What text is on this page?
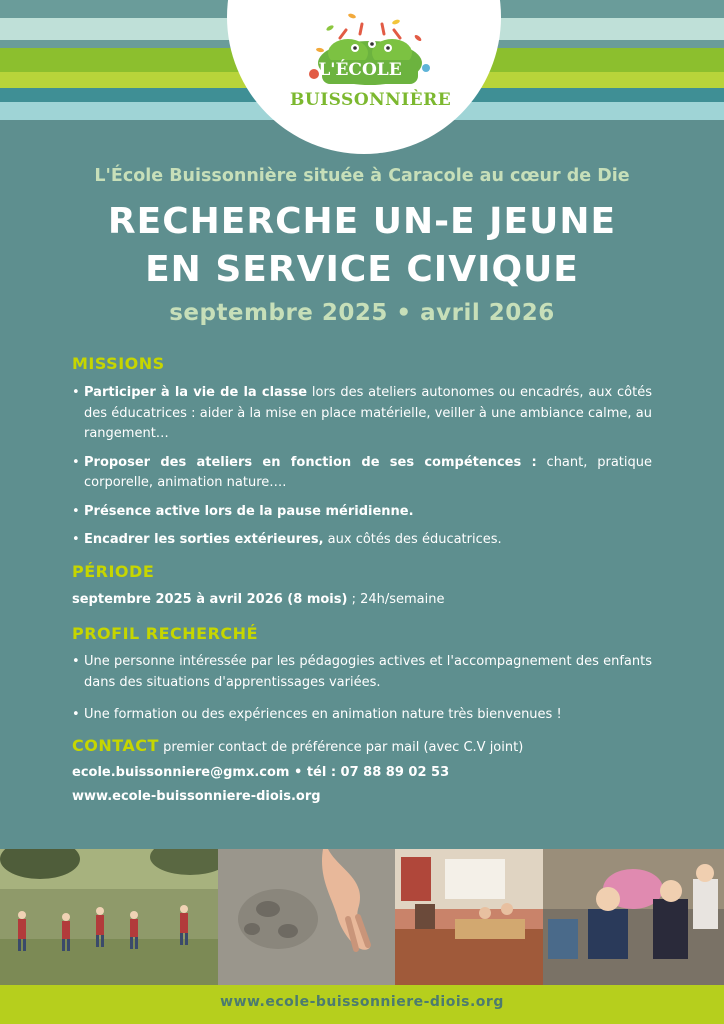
L'ÉCOLE
BUISSONNIÈRE
L'École Buissonnière située à Caracole au cœur de Die
RECHERCHE UN-E JEUNE
EN SERVICE CIVIQUE
septembre 2025 • avril 2026
MISSIONS
• Participer à la vie de la classe lors des ateliers autonomes ou encadrés, aux côtés des éducatrices : aider à la mise en place matérielle, veiller à une ambiance calme, au rangement…
• Proposer des ateliers en fonction de ses compétences : chant, pratique corporelle, animation nature….
• Présence active lors de la pause méridienne.
• Encadrer les sorties extérieures, aux côtés des éducatrices.
PÉRIODE
septembre 2025 à avril 2026 (8 mois) ; 24h/semaine
PROFIL RECHERCHÉ
• Une personne intéressée par les pédagogies actives et l'accompagnement des enfants dans des situations d'apprentissages variées.
• Une formation ou des expériences en animation nature très bienvenues !
CONTACT premier contact de préférence par mail (avec C.V joint)
ecole.buissonniere@gmx.com • tél : 07 88 89 02 53
www.ecole-buissonniere-diois.org
www.ecole-buissonniere-diois.org
